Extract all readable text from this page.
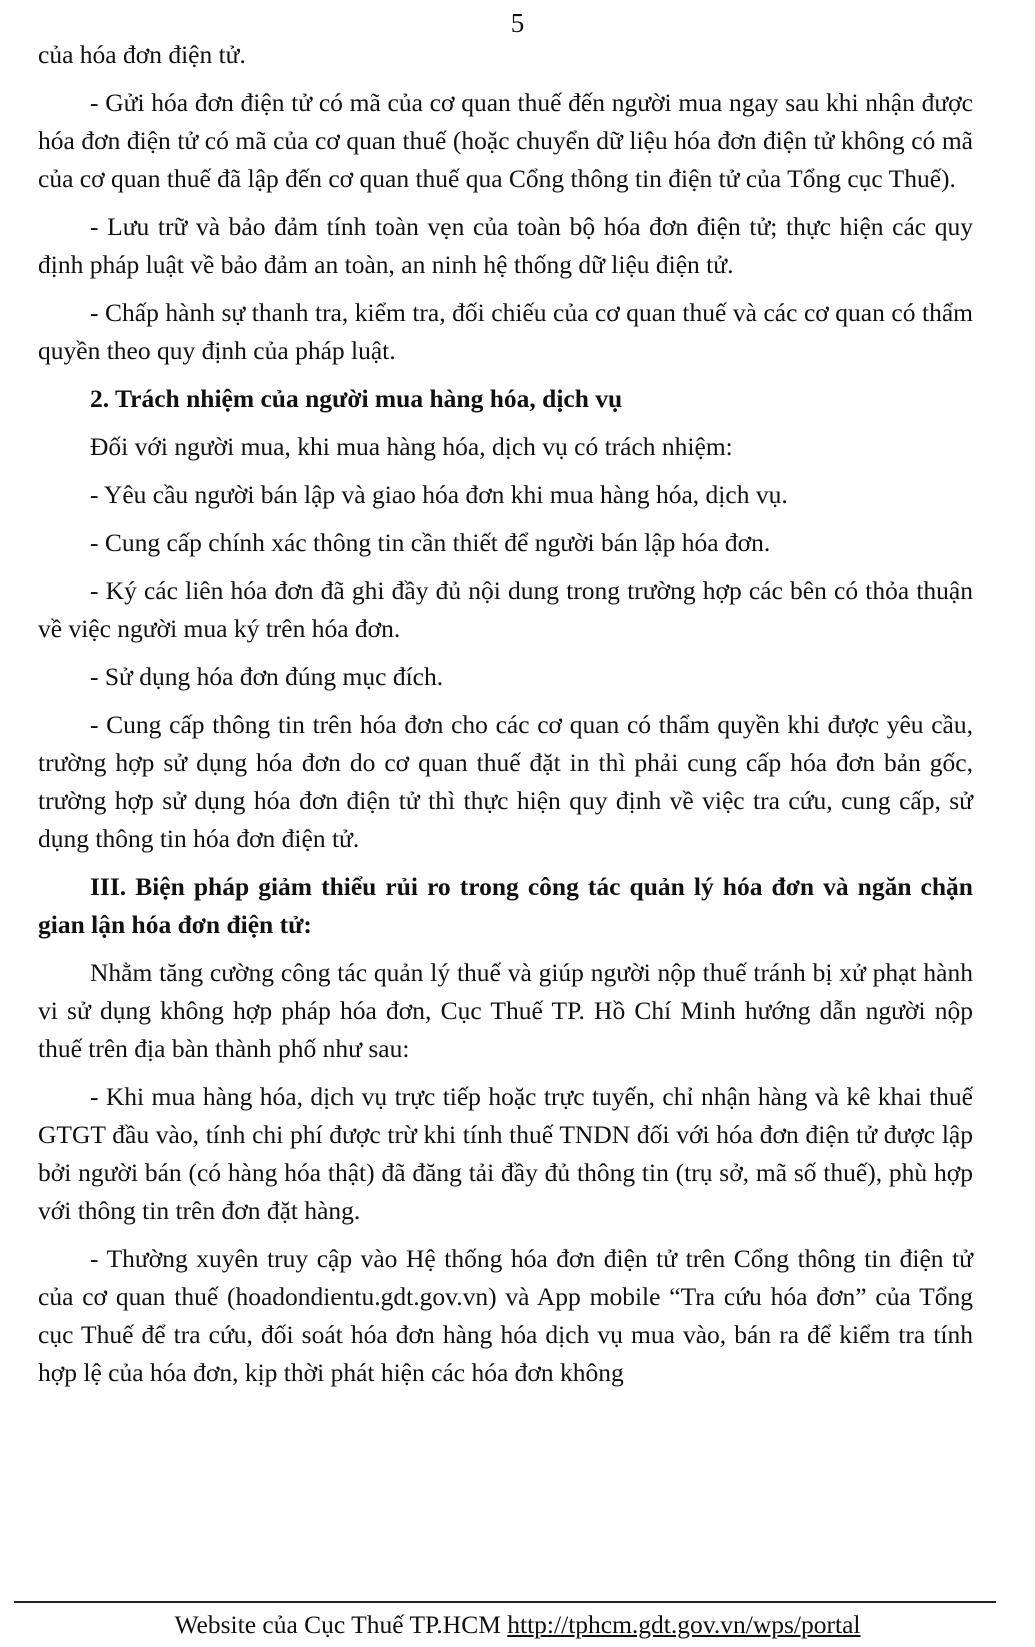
5

của hóa đơn điện tử.

- Gửi hóa đơn điện tử có mã của cơ quan thuế đến người mua ngay sau khi nhận được hóa đơn điện tử có mã của cơ quan thuế (hoặc chuyển dữ liệu hóa đơn điện tử không có mã của cơ quan thuế đã lập đến cơ quan thuế qua Cổng thông tin điện tử của Tổng cục Thuế).

- Lưu trữ và bảo đảm tính toàn vẹn của toàn bộ hóa đơn điện tử; thực hiện các quy định pháp luật về bảo đảm an toàn, an ninh hệ thống dữ liệu điện tử.

- Chấp hành sự thanh tra, kiểm tra, đối chiếu của cơ quan thuế và các cơ quan có thẩm quyền theo quy định của pháp luật.

2. Trách nhiệm của người mua hàng hóa, dịch vụ

Đối với người mua, khi mua hàng hóa, dịch vụ có trách nhiệm:

- Yêu cầu người bán lập và giao hóa đơn khi mua hàng hóa, dịch vụ.

- Cung cấp chính xác thông tin cần thiết để người bán lập hóa đơn.

- Ký các liên hóa đơn đã ghi đầy đủ nội dung trong trường hợp các bên có thỏa thuận về việc người mua ký trên hóa đơn.

- Sử dụng hóa đơn đúng mục đích.

- Cung cấp thông tin trên hóa đơn cho các cơ quan có thẩm quyền khi được yêu cầu, trường hợp sử dụng hóa đơn do cơ quan thuế đặt in thì phải cung cấp hóa đơn bản gốc, trường hợp sử dụng hóa đơn điện tử thì thực hiện quy định về việc tra cứu, cung cấp, sử dụng thông tin hóa đơn điện tử.

III. Biện pháp giảm thiểu rủi ro trong công tác quản lý hóa đơn và ngăn chặn gian lận hóa đơn điện tử:

Nhằm tăng cường công tác quản lý thuế và giúp người nộp thuế tránh bị xử phạt hành vi sử dụng không hợp pháp hóa đơn, Cục Thuế TP. Hồ Chí Minh hướng dẫn người nộp thuế trên địa bàn thành phố như sau:

- Khi mua hàng hóa, dịch vụ trực tiếp hoặc trực tuyến, chỉ nhận hàng và kê khai thuế GTGT đầu vào, tính chi phí được trừ khi tính thuế TNDN đối với hóa đơn điện tử được lập bởi người bán (có hàng hóa thật) đã đăng tải đầy đủ thông tin (trụ sở, mã số thuế), phù hợp với thông tin trên đơn đặt hàng.

- Thường xuyên truy cập vào Hệ thống hóa đơn điện tử trên Cổng thông tin điện tử của cơ quan thuế (hoadondientu.gdt.gov.vn) và App mobile “Tra cứu hóa đơn” của Tổng cục Thuế để tra cứu, đối soát hóa đơn hàng hóa dịch vụ mua vào, bán ra để kiểm tra tính hợp lệ của hóa đơn, kịp thời phát hiện các hóa đơn không

Website của Cục Thuế TP.HCM http://tphcm.gdt.gov.vn/wps/portal
